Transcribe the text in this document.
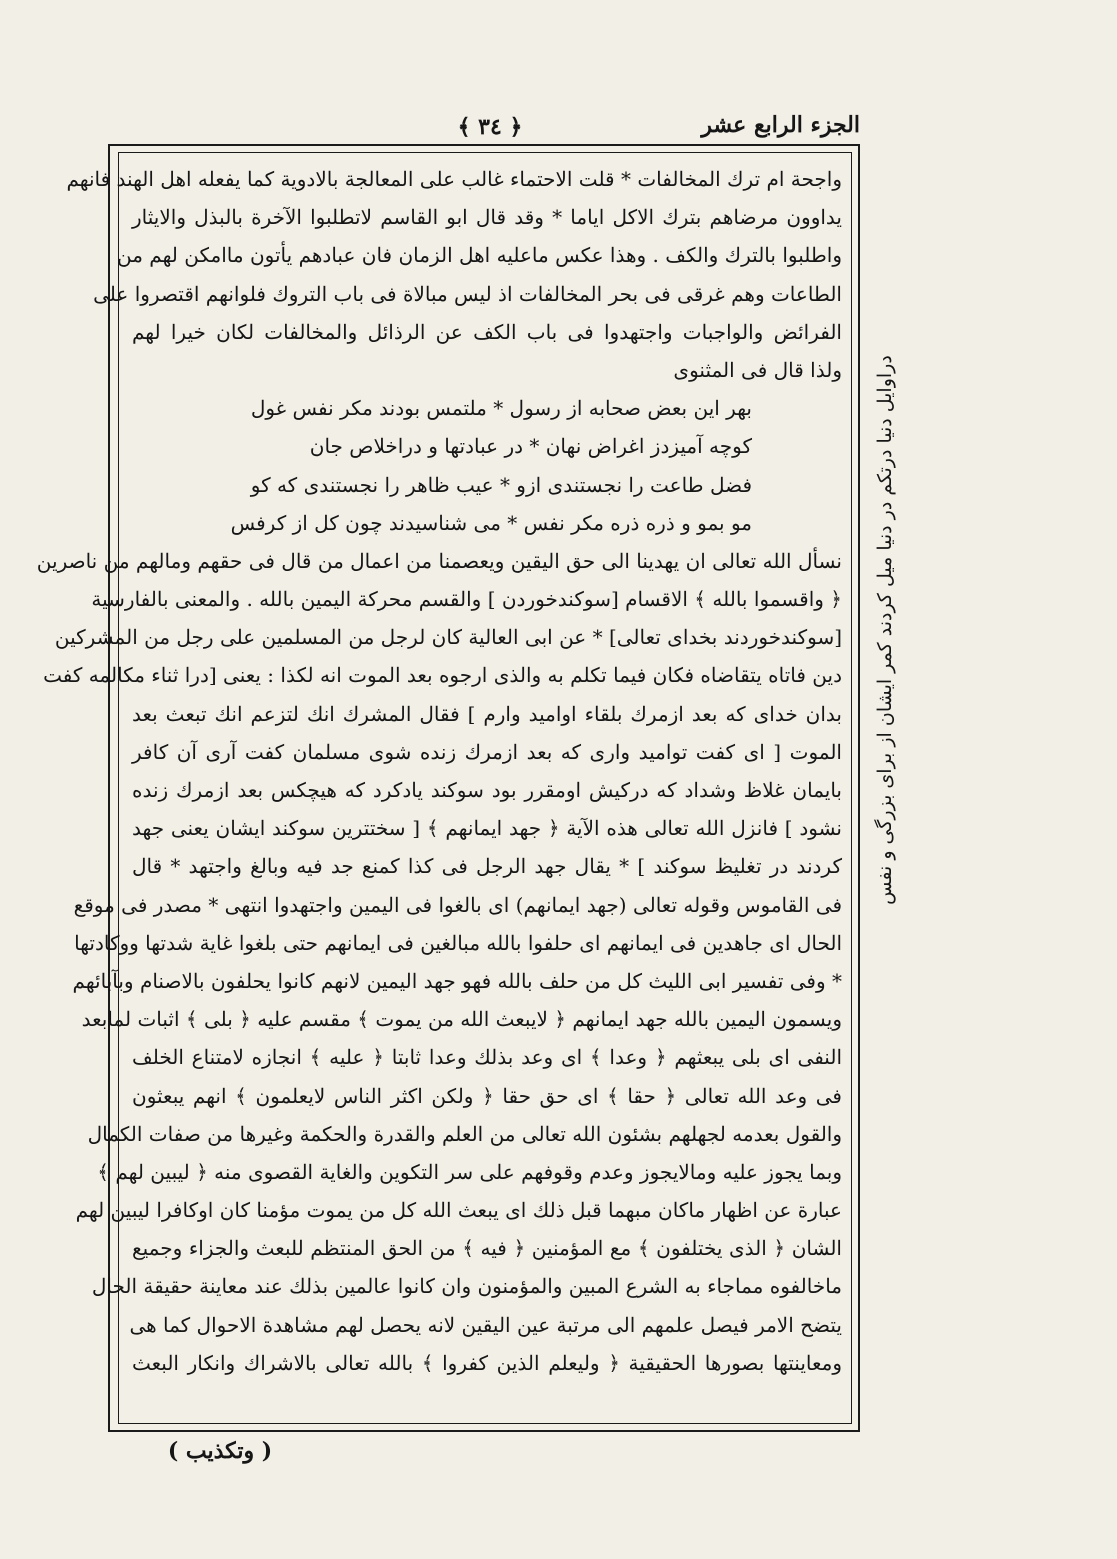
الجزء الرابع عشر
﴿ ٣٤ ﴾
واجحة ام ترك المخالفات * قلت الاحتماء غالب على المعالجة بالادوية كما يفعله اهل الهند فانهم
يداوون مرضاهم بترك الاكل اياما * وقد قال ابو القاسم لاتطلبوا الآخرة بالبذل والايثار
واطلبوا بالترك والكف . وهذا عكس ماعليه اهل الزمان فان عبادهم يأتون ماامكن لهم من
الطاعات وهم غرقى فى بحر المخالفات اذ ليس مبالاة فى باب التروك فلوانهم اقتصروا على
الفرائض والواجبات واجتهدوا فى باب الكف عن الرذائل والمخالفات لكان خيرا لهم
ولذا قال فى المثنوى
بهر اين بعض صحابه از رسول * ملتمس بودند مكر نفس غول
كوچه آميزدز اغراض نهان * در عبادتها و دراخلاص جان
فضل طاعت را نجستندى ازو * عيب ظاهر را نجستندى كه كو
مو بمو و ذره ذره مكر نفس * مى شناسيدند چون كل از كرفس
نسأل الله تعالى ان يهدينا الى حق اليقين ويعصمنا من اعمال من قال فى حقهم ومالهم من ناصرين
﴿ واقسموا بالله ﴾ الاقسام [سوكندخوردن ] والقسم محركة اليمين بالله . والمعنى بالفارسية
[سوكندخوردند بخداى تعالى] * عن ابى العالية كان لرجل من المسلمين على رجل من المشركين
دين فاتاه يتقاضاه فكان فيما تكلم به والذى ارجوه بعد الموت انه لكذا : يعنى [درا ثناء مكالمه كفت
بدان خداى كه بعد ازمرك بلقاء اواميد وارم ] فقال المشرك انك لتزعم انك تبعث بعد
الموت [ اى كفت تواميد وارى كه بعد ازمرك زنده شوى مسلمان كفت آرى آن كافر
بايمان غلاظ وشداد كه دركيش اومقرر بود سوكند يادكرد كه هيچكس بعد ازمرك زنده
نشود ] فانزل الله تعالى هذه الآية ﴿ جهد ايمانهم ﴾ [ سختترين سوكند ايشان يعنى جهد
كردند در تغليظ سوكند ] * يقال جهد الرجل فى كذا كمنع جد فيه وبالغ واجتهد * قال
فى القاموس وقوله تعالى (جهد ايمانهم) اى بالغوا فى اليمين واجتهدوا انتهى * مصدر فى موقع
الحال اى جاهدين فى ايمانهم اى حلفوا بالله مبالغين فى ايمانهم حتى بلغوا غاية شدتها ووكادتها
* وفى تفسير ابى الليث كل من حلف بالله فهو جهد اليمين لانهم كانوا يحلفون بالاصنام وبآبائهم
ويسمون اليمين بالله جهد ايمانهم ﴿ لايبعث الله من يموت ﴾ مقسم عليه ﴿ بلى ﴾ اثبات لمابعد
النفى اى بلى يبعثهم ﴿ وعدا ﴾ اى وعد بذلك وعدا ثابتا ﴿ عليه ﴾ انجازه لامتناع الخلف
فى وعد الله تعالى ﴿ حقا ﴾ اى حق حقا ﴿ ولكن اكثر الناس لايعلمون ﴾ انهم يبعثون
والقول بعدمه لجهلهم بشئون الله تعالى من العلم والقدرة والحكمة وغيرها من صفات الكمال
وبما يجوز عليه ومالايجوز وعدم وقوفهم على سر التكوين والغاية القصوى منه ﴿ ليبين لهم ﴾
عبارة عن اظهار ماكان مبهما قبل ذلك اى يبعث الله كل من يموت مؤمنا كان اوكافرا ليبين لهم
الشان ﴿ الذى يختلفون ﴾ مع المؤمنين ﴿ فيه ﴾ من الحق المنتظم للبعث والجزاء وجميع
ماخالفوه مماجاء به الشرع المبين والمؤمنون وان كانوا عالمين بذلك عند معاينة حقيقة الحال
يتضح الامر فيصل علمهم الى مرتبة عين اليقين لانه يحصل لهم مشاهدة الاحوال كما هى
ومعاينتها بصورها الحقيقية ﴿ وليعلم الذين كفروا ﴾ بالله تعالى بالاشراك وانكار البعث
دراوايل دنيا درتكم در دنيا ميل كردند كمر ايشان از براى بزرگى و نفس
( وتكذيب )
